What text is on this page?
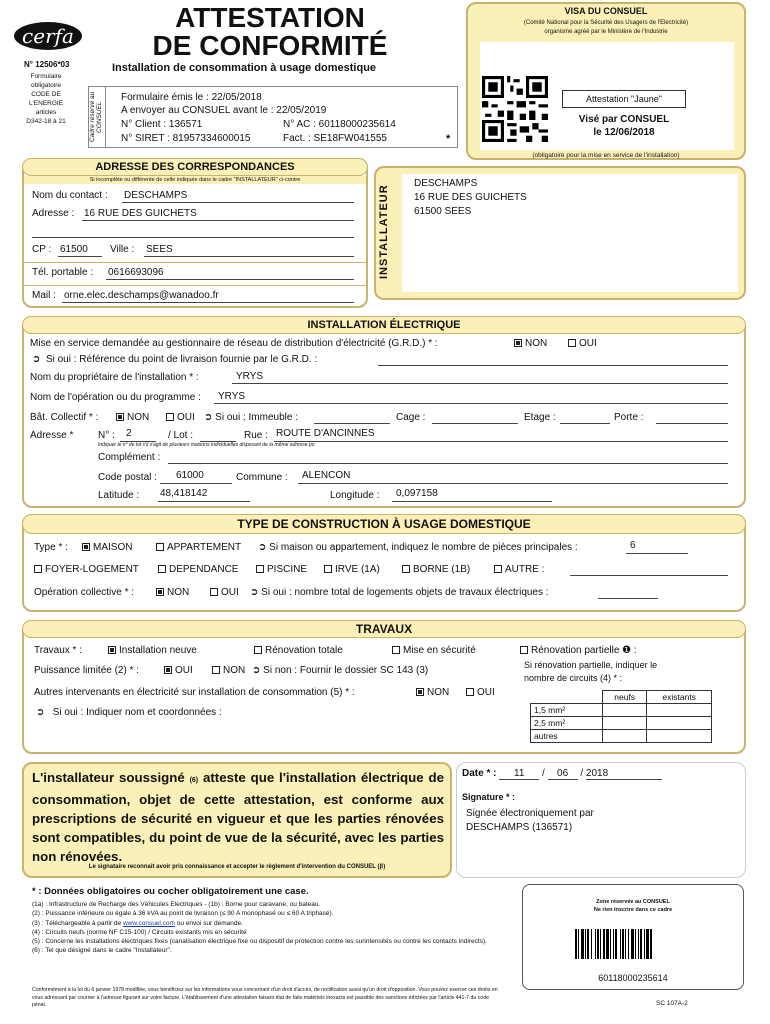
cerfa
N° 12506*03
Formulaire
obligatoire
CODE DE
L'ENERGIE
articles
D342-18 à 21
ATTESTATION
DE CONFORMITÉ
Installation de consommation à usage domestique
Cadre réservé au CONSUEL
Formulaire émis le : 22/05/2018
A envoyer au CONSUEL avant le : 22/05/2019
N° Client : 136571	N° AC : 60118000235614
N° SIRET : 81957334600015	Fact. : SE18FW041555	*
VISA DU CONSUEL
(Comité National pour la Sécurité des Usagers de l'Electricité)
organisme agréé par le Ministère de l'Industrie
Attestation "Jaune"
Visé par CONSUEL
le 12/06/2018
(obligatoire pour la mise en service de l'installation)
ADRESSE DES CORRESPONDANCES
Si incomplète ou différente de celle indiquée dans le cadre "INSTALLATEUR" ci-contre
Nom du contact : DESCHAMPS
Adresse : 16 RUE DES GUICHETS
CP : 61500 Ville : SEES
Tél. portable : 0616693096
Mail : orne.elec.deschamps@wanadoo.fr
INSTALLATEUR
DESCHAMPS
16 RUE DES GUICHETS
61500 SEES
INSTALLATION ÉLECTRIQUE
Mise en service demandée au gestionnaire de réseau de distribution d'électricité (G.R.D.) * :	NON	OUI
➲ Si oui : Référence du point de livraison fournie par le G.R.D. :
Nom du propriétaire de l'installation * :	YRYS
Nom de l'opération ou du programme : YRYS
Bât. Collectif * :	NON	OUI ➲ Si oui : Immeuble :	Cage :	Etage :	Porte :
Adresse * N° : 2	/ Lot :	Rue : ROUTE D'ANCINNES
Indiquer le n° de lot s'il s'agit de plusieurs maisons individuelles disposant de la même adresse po
Complément :
Code postal : 61000	Commune : ALENCON
Latitude : 48,418142	Longitude : 0,097158
TYPE DE CONSTRUCTION À USAGE DOMESTIQUE
Type * :	MAISON	APPARTEMENT ➲ Si maison ou appartement, indiquez le nombre de pièces principales :	6
FOYER-LOGEMENT	DEPENDANCE	PISCINE	IRVE (1A)	BORNE (1B)	AUTRE :
Opération collective * :	NON	OUI ➲ Si oui : nombre total de logements objets de travaux électriques :
TRAVAUX
Travaux * :	Installation neuve	Rénovation totale	Mise en sécurité	Rénovation partielle ❶ :
Si rénovation partielle, indiquer le
nombre de circuits (4) * :
Puissance limitée (2) * :	OUI	NON ➲ Si non : Fournir le dossier SC 143 (3)
Autres intervenants en électricité sur installation de consommation (5) * :	NON	OUI
➲ Si oui : Indiquer nom et coordonnées :
	neufs	existants
1,5 mm²		
2,5 mm²		
autres		
L'installateur soussigné (6) atteste que l'installation électrique de consommation, objet de cette attestation, est conforme aux prescriptions de sécurité en vigueur et que les parties rénovées sont compatibles, du point de vue de la sécurité, avec les parties non rénovées.
Le signataire reconnait avoir pris connaissance et accepter le règlement d'intervention du CONSUEL (β)
Date * : 11 / 06 / 2018
Signature * :
Signée électroniquement par
DESCHAMPS (136571)
* : Données obligatoires ou cocher obligatoirement une case.
(1a) : Infrastructure de Recharge des Véhicules Electriques - (1b) : Borne pour caravane, ou bateau.
(2) : Puissance inférieure ou égale à 36 kVA au point de livraison (≤ 90 A monophasé ou ≤ 60 A triphasé).
(3) : Téléchargeable à partir de www.consuel.com ou envoi sur demande.
(4) : Circuits neufs (norme NF C15-100) / Circuits existants mis en sécurité
(5) : Concerne les installations électriques fixes (canalisation électrique fixe ou dispositif de protection contre les surintensités ou contre les contacts indirects).
(6) : Tel que désigné dans le cadre "Installateur".
Conformément à la loi du 6 janvier 1978 modifiée, vous bénéficiez sur les informations vous concernant d'un droit d'accès, de rectification aussi qu'un droit d'opposition. Vous pouvez exercer ces droits en vous adressant par courrier à l'adresse figurant sur votre facture. L'établissement d'une attestation faisant état de faits matériels inexacts est passible des sanctions édictées par l'article 441-7 du code pénal.
Zone réservée au CONSUEL
Ne rien inscrire dans ce cadre
60118000235614
SC 107A-2
